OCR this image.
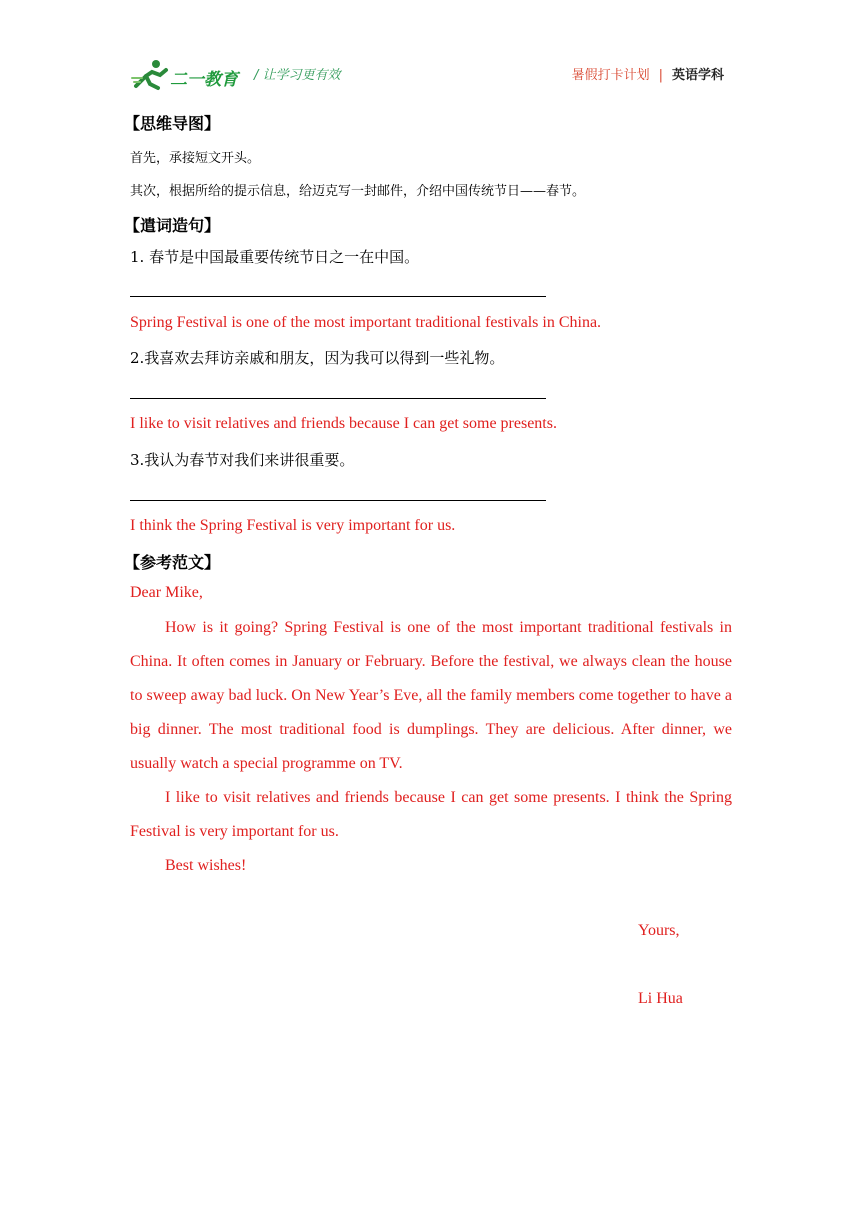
二一教育 / 让学习更有效	暑假打卡计划 | 英语学科
【思维导图】
首先，承接短文开头。
其次，根据所给的提示信息，给迈克写一封邮件，介绍中国传统节日——春节。
【遣词造句】
1. 春节是中国最重要传统节日之一在中国。
Spring Festival is one of the most important traditional festivals in China.
2.我喜欢去拜访亲戚和朋友，因为我可以得到一些礼物。
I like to visit relatives and friends because I can get some presents.
3.我认为春节对我们来讲很重要。
I think the Spring Festival is very important for us.
【参考范文】
Dear Mike,

How is it going? Spring Festival is one of the most important traditional festivals in China. It often comes in January or February. Before the festival, we always clean the house to sweep away bad luck. On New Year’s Eve, all the family members come together to have a big dinner. The most traditional food is dumplings. They are delicious. After dinner, we usually watch a special programme on TV.

I like to visit relatives and friends because I can get some presents. I think the Spring Festival is very important for us.

Best wishes!

Yours,
Li Hua
